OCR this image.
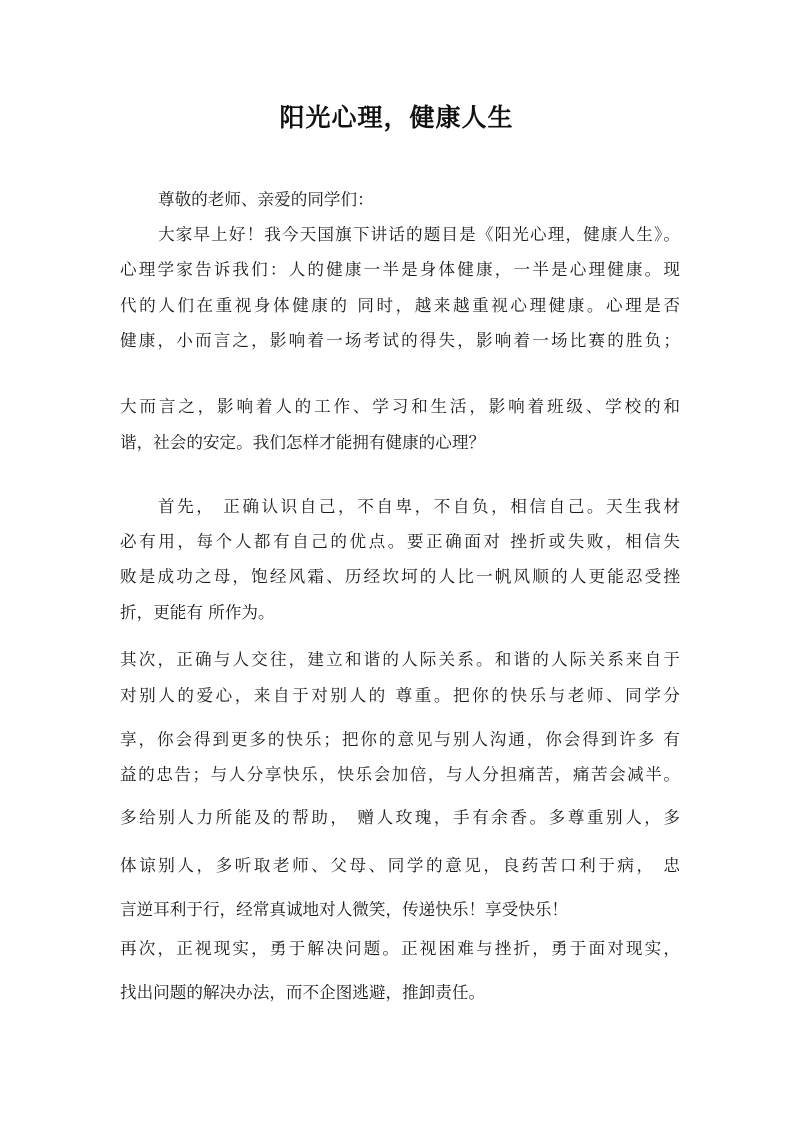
阳光心理，健康人生
尊敬的老师、亲爱的同学们：
大家早上好！我今天国旗下讲话的题目是《阳光心理，健康人生》。
心理学家告诉我们：人的健康一半是身体健康，一半是心理健康。现
代的人们在重视身体健康的 同时，越来越重视心理健康。心理是否
健康，小而言之，影响着一场考试的得失，影响着一场比赛的胜负；
大而言之，影响着人的工作、学习和生活，影响着班级、学校的和
谐，社会的安定。我们怎样才能拥有健康的心理？
首先， 正确认识自己，不自卑，不自负，相信自己。天生我材
必有用，每个人都有自己的优点。要正确面对 挫折或失败，相信失
败是成功之母，饱经风霜、历经坎坷的人比一帆风顺的人更能忍受挫
折，更能有 所作为。
其次，正确与人交往，建立和谐的人际关系。和谐的人际关系来自于
对别人的爱心，来自于对别人的 尊重。把你的快乐与老师、同学分
享，你会得到更多的快乐；把你的意见与别人沟通，你会得到许多 有
益的忠告；与人分享快乐，快乐会加倍，与人分担痛苦，痛苦会减半。
多给别人力所能及的帮助， 赠人玫瑰，手有余香。多尊重别人，多
体谅别人，多听取老师、父母、同学的意见，良药苦口利于病， 忠
言逆耳利于行，经常真诚地对人微笑，传递快乐！享受快乐！
再次，正视现实，勇于解决问题。正视困难与挫折，勇于面对现实，
找出问题的解决办法，而不企图逃避，推卸责任。
